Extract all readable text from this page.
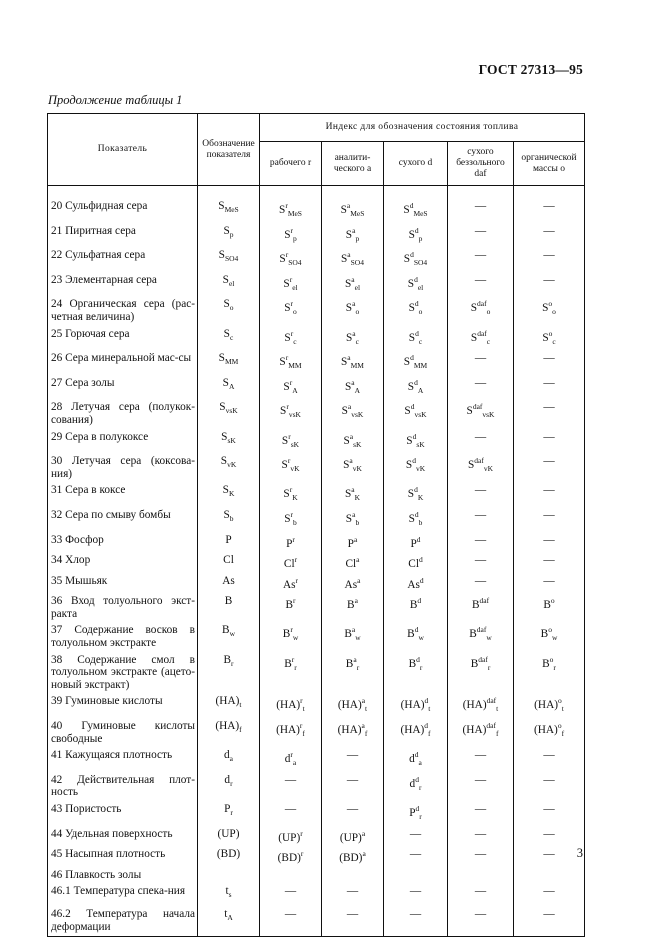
ГОСТ 27313—95
Продолжение таблицы 1
Показатель	Обозначение показателя	Индекс для обозначения состояния топлива				
		рабочего r	аналити-ческого a	сухого d	сухого беззольного daf	органической массы o
20 Сульфидная сера	$S_{MeS}$	$S^r_{MeS}$	$S^a_{MeS}$	$S^d_{MeS}$	—	—
21 Пиритная сера	$S_p$	$S^r_p$	$S^a_p$	$S^d_p$	—	—
22 Сульфатная сера	$S_{SO4}$	$S^r_{SO4}$	$S^a_{SO4}$	$S^d_{SO4}$	—	—
23 Элементарная сера	$S_{el}$	$S^r_{el}$	$S^a_{el}$	$S^d_{el}$	—	—
24 Органическая сера (рас-четная величина)	$S_o$	$S^r_o$	$S^a_o$	$S^d_o$	$S^{daf}_o$	$S^o_o$
25 Горючая сера	$S_c$	$S^r_c$	$S^a_c$	$S^d_c$	$S^{daf}_c$	$S^o_c$
26 Сера минеральной мас-сы	$S_{MM}$	$S^r_{MM}$	$S^a_{MM}$	$S^d_{MM}$	—	—
27 Сера золы	$S_A$	$S^r_A$	$S^a_A$	$S^d_A$	—	—
28 Летучая сера (полукок-сования)	$S_{vsK}$	$S^r_{vsK}$	$S^a_{vsK}$	$S^d_{vsK}$	$S^{daf}_{vsK}$	—
29 Сера в полукоксе	$S_{sK}$	$S^r_{sK}$	$S^a_{sK}$	$S^d_{sK}$	—	—
30 Летучая сера (коксова-ния)	$S_{vK}$	$S^r_{vK}$	$S^a_{vK}$	$S^d_{vK}$	$S^{daf}_{vK}$	—
31 Сера в коксе	$S_K$	$S^r_K$	$S^a_K$	$S^d_K$	—	—
32 Сера по смыву бомбы	$S_b$	$S^r_b$	$S^a_b$	$S^d_b$	—	—
33 Фосфор	P	$P^r$	$P^a$	$P^d$	—	—
34 Хлор	Cl	Cl$^r$	Cl$^a$	Cl$^d$	—	—
35 Мышьяк	As	As$^r$	As$^a$	As$^d$	—	—
36 Вход толуольного экст-ракта	B	$B^r$	$B^a$	$B^d$	$B^{daf}$	$B^o$
37 Содержание восков в толуольном экстракте	$B_w$	$B^r_w$	$B^a_w$	$B^d_w$	$B^{daf}_w$	$B^o_w$
38 Содержание смол в толуольном экстракте (ацето-новый экстракт)	$B_r$	$B^r_r$	$B^a_r$	$B^d_r$	$B^{daf}_r$	$B^o_r$
39 Гуминовые кислоты	$(HA)_t$	(HA)$^r_t$	(HA)$^a_t$	(HA)$^d_t$	(HA)$^{daf}_t$	(HA)$^o_t$
40 Гуминовые кислоты свободные	$(HA)_f$	(HA)$^r_f$	(HA)$^a_f$	(HA)$^d_f$	(HA)$^{daf}_f$	(HA)$^o_f$
41 Кажущаяся плотность	$d_a$	$d^r_a$	—	$d^d_a$	—	—
42 Действительная плот-ность	$d_r$	—	—	$d^d_r$	—	—
43 Пористость	$P_r$	—	—	$P^d_r$	—	—
44 Удельная поверхность	(UP)	(UP)$^r$	(UP)$^a$	—	—	—
45 Насыпная плотность	(BD)	(BD)$^r$	(BD)$^a$	—	—	—
46 Плавкость золы						
46.1 Температура спека-ния	$t_s$	—	—	—	—	—
46.2 Температура начала деформации	$t_A$	—	—	—	—	—
3
